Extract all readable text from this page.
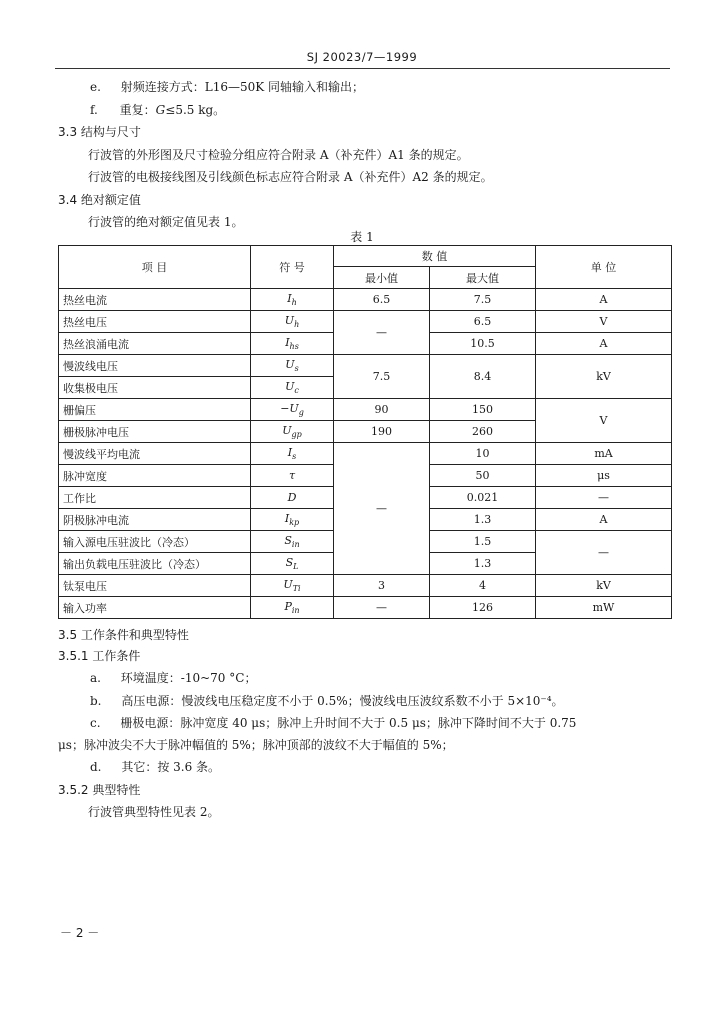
SJ 20023/7—1999
e. 射频连接方式：L16—50K 同轴输入和输出；
f. 重复：G≤5.5 kg。
3.3 结构与尺寸
行波管的外形图及尺寸检验分组应符合附录 A（补充件）A1 条的规定。
行波管的电极接线图及引线颜色标志应符合附录 A（补充件）A2 条的规定。
3.4 绝对额定值
行波管的绝对额定值见表 1。
表 1
项 目	符 号	数 值		单 位
		最小值	最大值	
热丝电流	$I_h$	6.5	7.5	A
热丝电压	$U_h$	—	6.5	V
热丝浪涌电流	$I_{hs}$		10.5	A
慢波线电压	$U_s$	7.5	8.4	kV
收集极电压	$U_c$
栅偏压	$-U_g$	90	150	V
栅极脉冲电压	$U_{gp}$	190	260	
慢波线平均电流	$I_s$	—	10	mA
脉冲宽度	τ		50	μs
工作比	D		0.021	—
阴极脉冲电流	$I_{kp}$		1.3	A
输入源电压驻波比（冷态）	$S_{in}$		1.5	—
输出负载电压驻波比（冷态）	$S_L$		1.3	
钛泵电压	$U_{Ti}$	3	4	kV
输入功率	$P_{in}$	—	126	mW
3.5 工作条件和典型特性
3.5.1 工作条件
a. 环境温度：-10~70 °C；
b. 高压电源：慢波线电压稳定度不小于 0.5%；慢波线电压波纹系数不小于 5×10⁻⁴。
c. 栅极电源：脉冲宽度 40 μs；脉冲上升时间不大于 0.5 μs；脉冲下降时间不大于 0.75
μs；脉冲波尖不大于脉冲幅值的 5%；脉冲顶部的波纹不大于幅值的 5%；
d. 其它：按 3.6 条。
3.5.2 典型特性
行波管典型特性见表 2。
－ 2 －
